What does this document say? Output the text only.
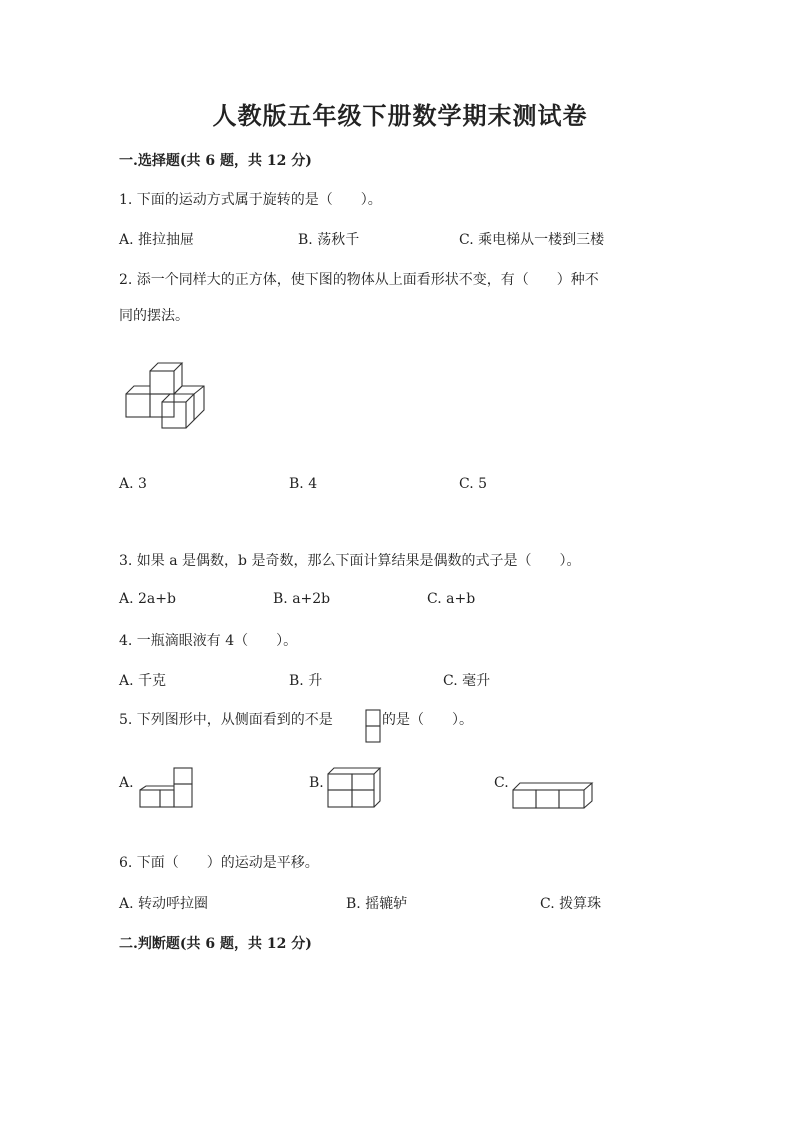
人教版五年级下册数学期末测试卷
一.选择题(共 6 题，共 12 分)
1. 下面的运动方式属于旋转的是（　　）。
A. 推拉抽屉	B. 荡秋千	C. 乘电梯从一楼到三楼
2. 添一个同样大的正方体，使下图的物体从上面看形状不变，有（　　）种不
同的摆法。
A. 3	B. 4	C. 5
3. 如果 a 是偶数，b 是奇数，那么下面计算结果是偶数的式子是（　　）。
A. 2a+b	B. a+2b	C. a+b
4. 一瓶滴眼液有 4（　　）。
A. 千克	B. 升	C. 毫升
5. 下列图形中，从侧面看到的不是	的是（　　）。
A.	B.	C.
6. 下面（　　）的运动是平移。
A. 转动呼拉圈	B. 摇辘轳	C. 拨算珠
二.判断题(共 6 题，共 12 分)
